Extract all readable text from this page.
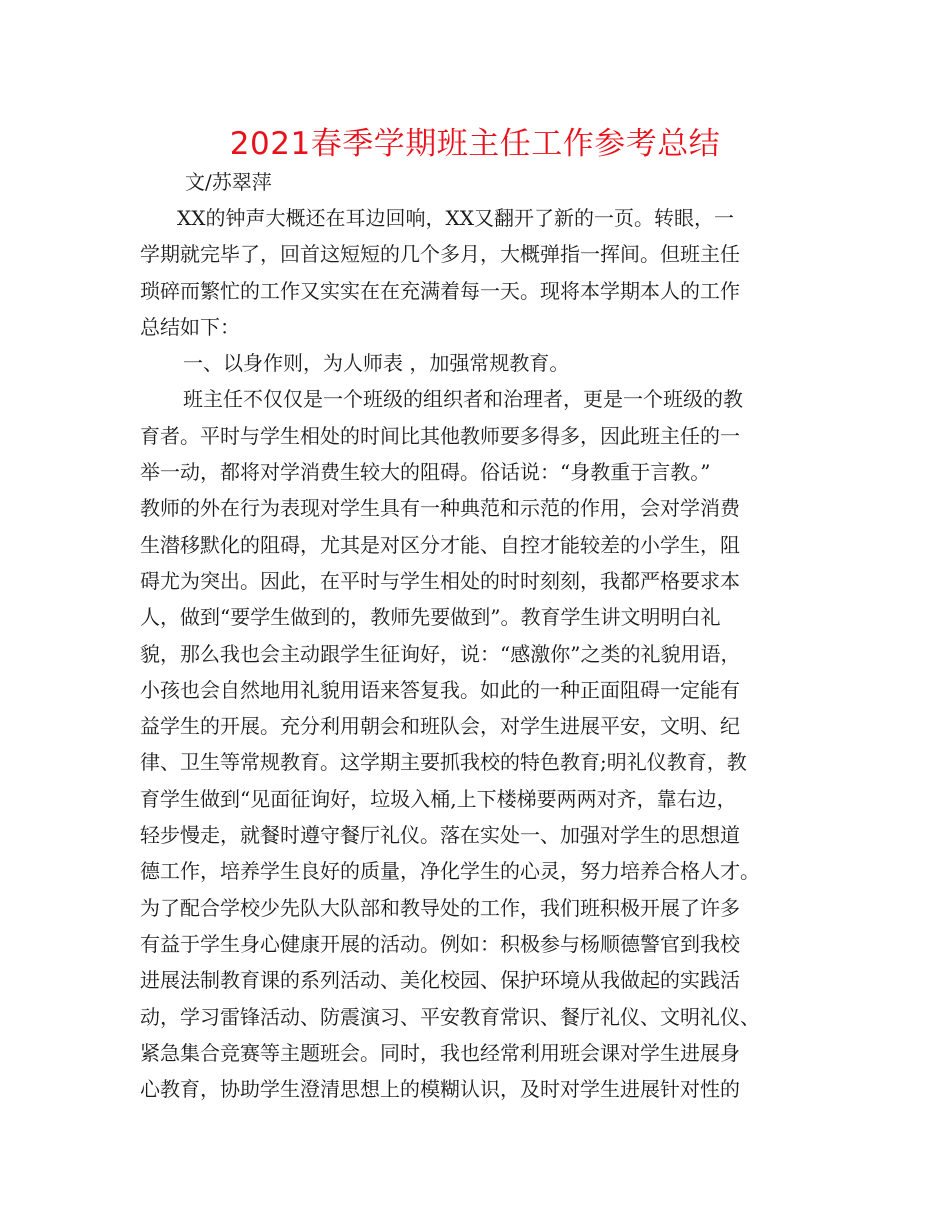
2021春季学期班主任工作参考总结
文/苏翠萍
XX的钟声大概还在耳边回响，XX又翻开了新的一页。转眼，一
学期就完毕了，回首这短短的几个多月，大概弹指一挥间。但班主任
琐碎而繁忙的工作又实实在在充满着每一天。现将本学期本人的工作
总结如下：
一、以身作则，为人师表 ，加强常规教育。
班主任不仅仅是一个班级的组织者和治理者，更是一个班级的教
育者。平时与学生相处的时间比其他教师要多得多，因此班主任的一
举一动，都将对学消费生较大的阻碍。俗话说：“身教重于言教。”
教师的外在行为表现对学生具有一种典范和示范的作用，会对学消费
生潜移默化的阻碍，尤其是对区分才能、自控才能较差的小学生，阻
碍尤为突出。因此，在平时与学生相处的时时刻刻，我都严格要求本
人，做到“要学生做到的，教师先要做到”。教育学生讲文明明白礼
貌，那么我也会主动跟学生征询好，说：“感激你”之类的礼貌用语，
小孩也会自然地用礼貌用语来答复我。如此的一种正面阻碍一定能有
益学生的开展。充分利用朝会和班队会，对学生进展平安，文明、纪
律、卫生等常规教育。这学期主要抓我校的特色教育;明礼仪教育，教
育学生做到“见面征询好，垃圾入桶,上下楼梯要两两对齐，靠右边，
轻步慢走，就餐时遵守餐厅礼仪。落在实处一、加强对学生的思想道
德工作，培养学生良好的质量，净化学生的心灵，努力培养合格人才。
为了配合学校少先队大队部和教导处的工作，我们班积极开展了许多
有益于学生身心健康开展的活动。例如：积极参与杨顺德警官到我校
进展法制教育课的系列活动、美化校园、保护环境从我做起的实践活
动，学习雷锋活动、防震演习、平安教育常识、餐厅礼仪、文明礼仪、
紧急集合竞赛等主题班会。同时，我也经常利用班会课对学生进展身
心教育，协助学生澄清思想上的模糊认识，及时对学生进展针对性的
